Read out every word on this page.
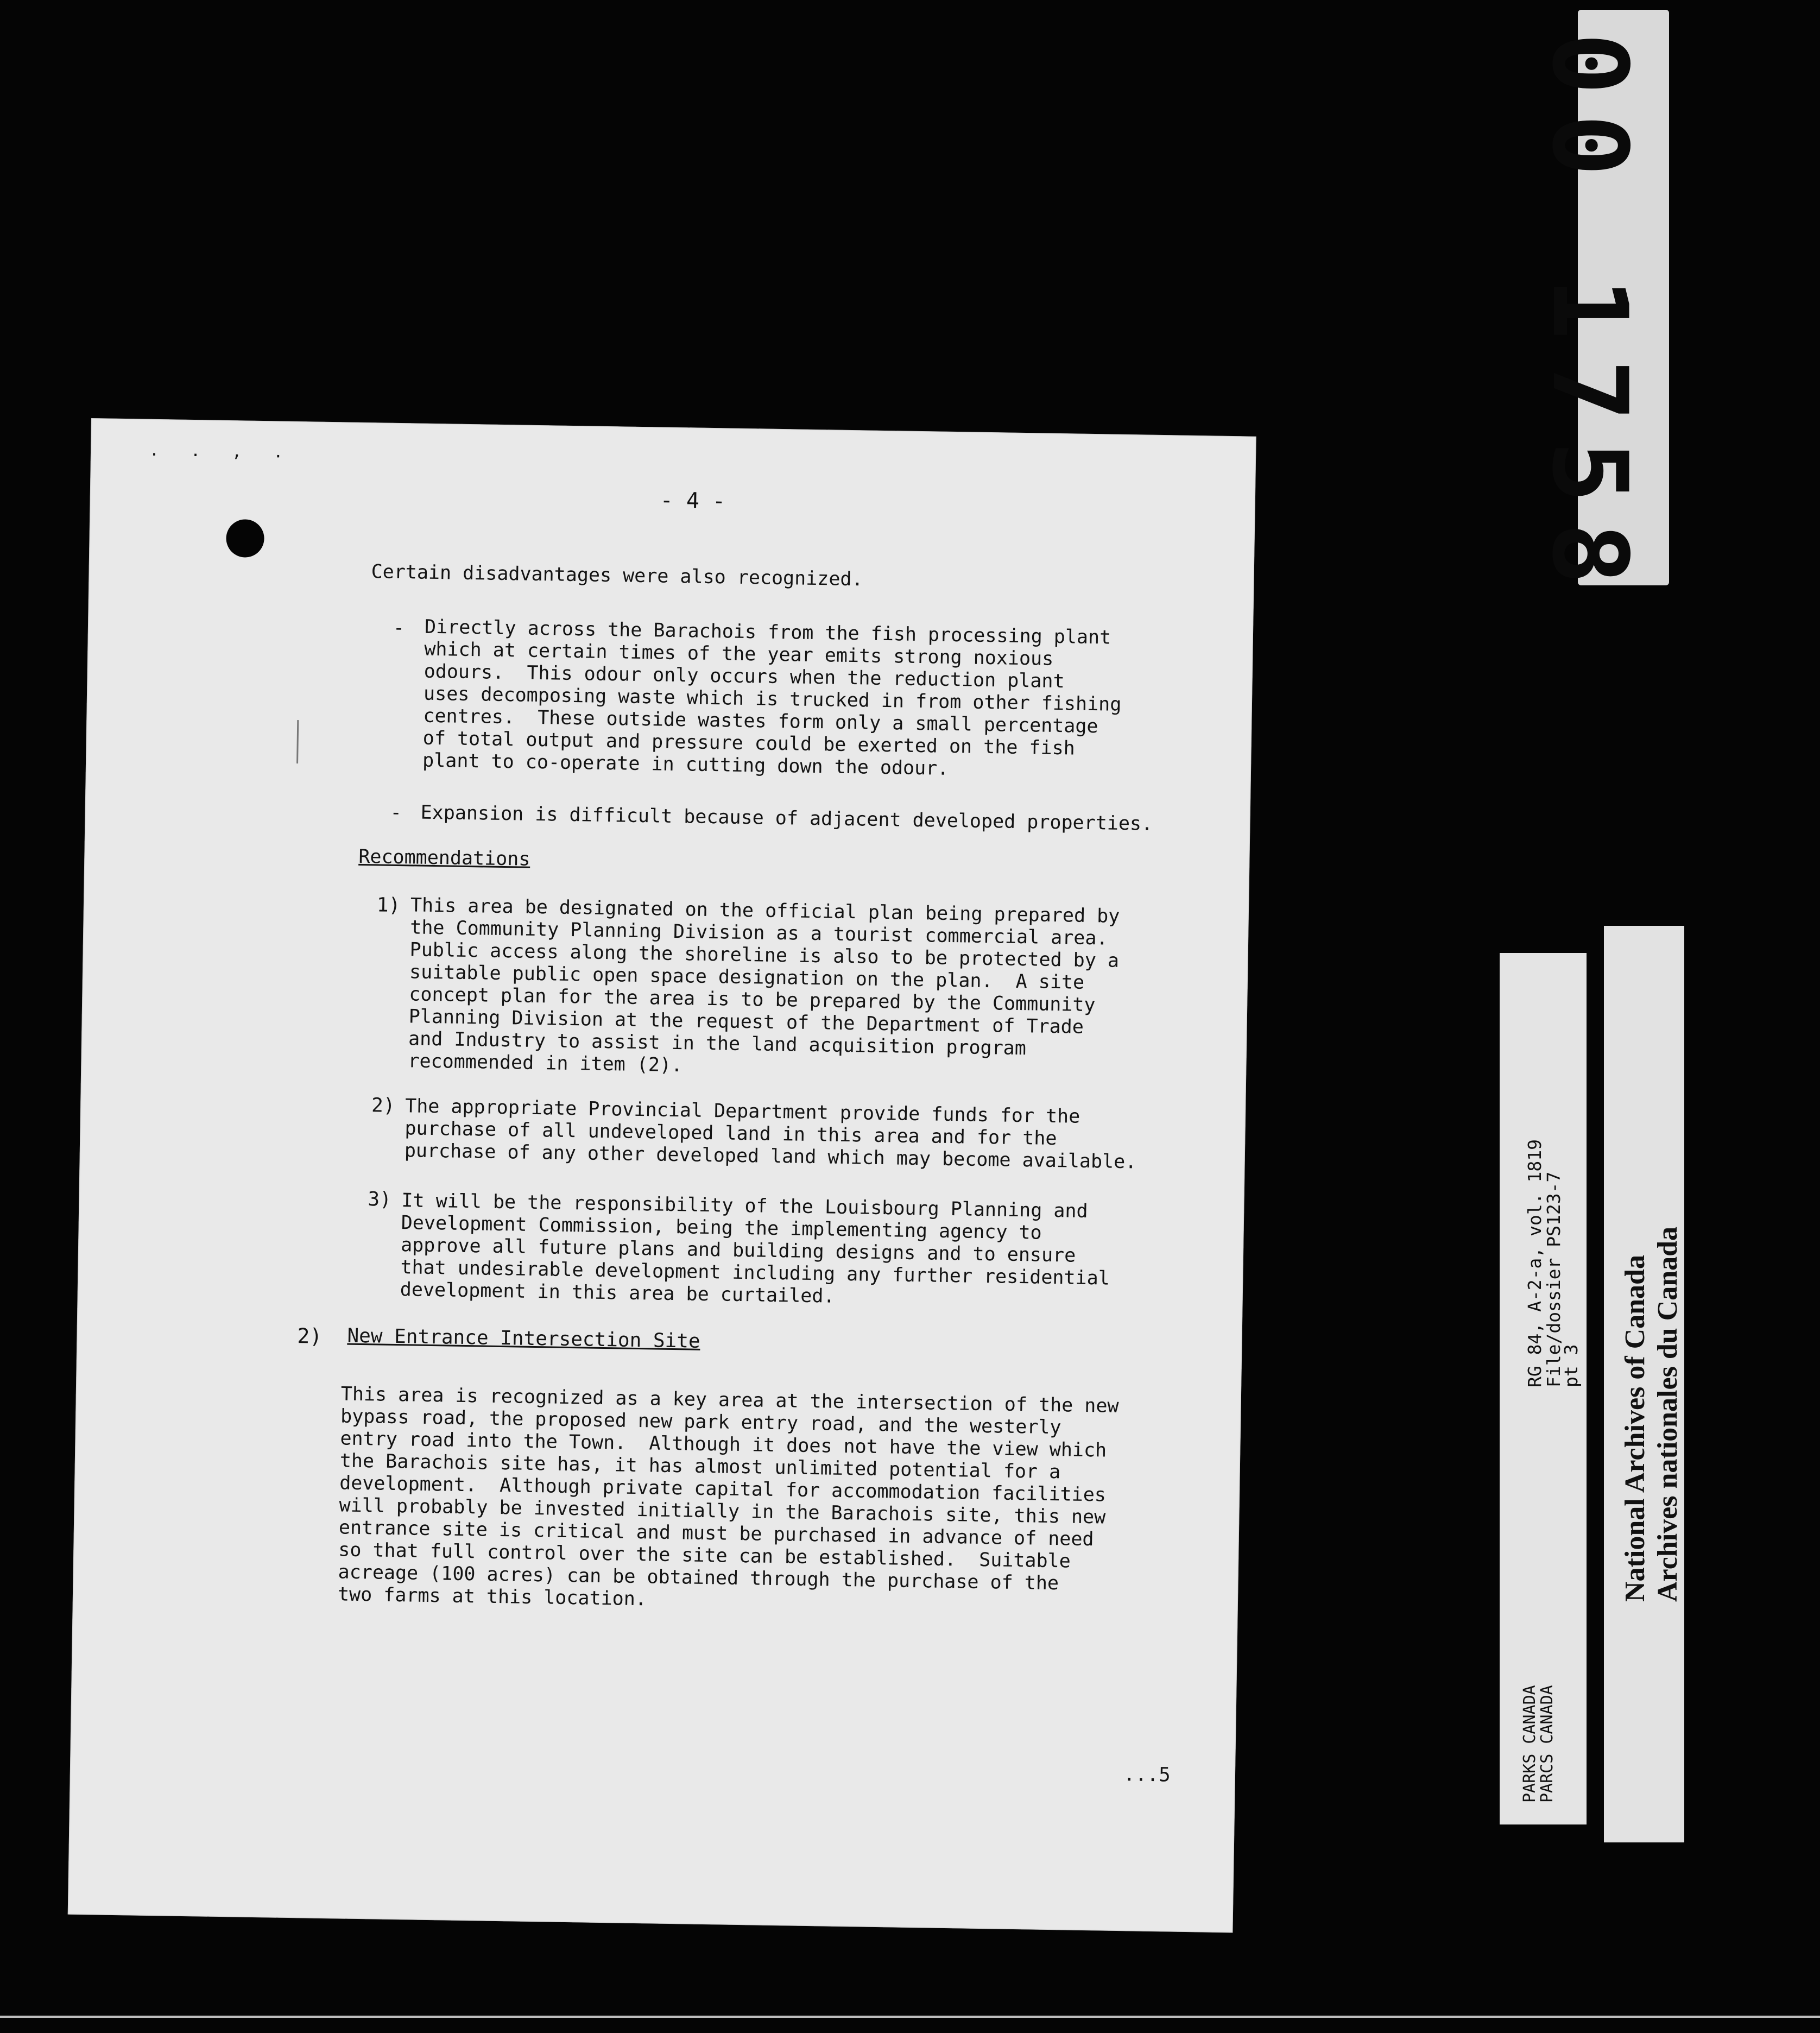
. . , .
- 4 -
Certain disadvantages were also recognized.
- Directly across the Barachois from the fish processing plant
which at certain times of the year emits strong noxious
odours.  This odour only occurs when the reduction plant
uses decomposing waste which is trucked in from other fishing
centres.  These outside wastes form only a small percentage
of total output and pressure could be exerted on the fish
plant to co-operate in cutting down the odour.
- Expansion is difficult because of adjacent developed properties.
Recommendations
1) This area be designated on the official plan being prepared by
the Community Planning Division as a tourist commercial area.
Public access along the shoreline is also to be protected by a
suitable public open space designation on the plan.  A site
concept plan for the area is to be prepared by the Community
Planning Division at the request of the Department of Trade
and Industry to assist in the land acquisition program
recommended in item (2).
2) The appropriate Provincial Department provide funds for the
purchase of all undeveloped land in this area and for the
purchase of any other developed land which may become available.
3) It will be the responsibility of the Louisbourg Planning and
Development Commission, being the implementing agency to
approve all future plans and building designs and to ensure
that undesirable development including any further residential
development in this area be curtailed.
2) New Entrance Intersection Site
This area is recognized as a key area at the intersection of the new
bypass road, the proposed new park entry road, and the westerly
entry road into the Town.  Although it does not have the view which
the Barachois site has, it has almost unlimited potential for a
development.  Although private capital for accommodation facilities
will probably be invested initially in the Barachois site, this new
entrance site is critical and must be purchased in advance of need
so that full control over the site can be established.  Suitable
acreage (100 acres) can be obtained through the purchase of the
two farms at this location.
...5
00 1758
RG 84, A-2-a, vol. 1819
File/dossier PS123-7
pt 3
PARKS CANADA
PARCS CANADA
National Archives of Canada Archives nationales du Canada
